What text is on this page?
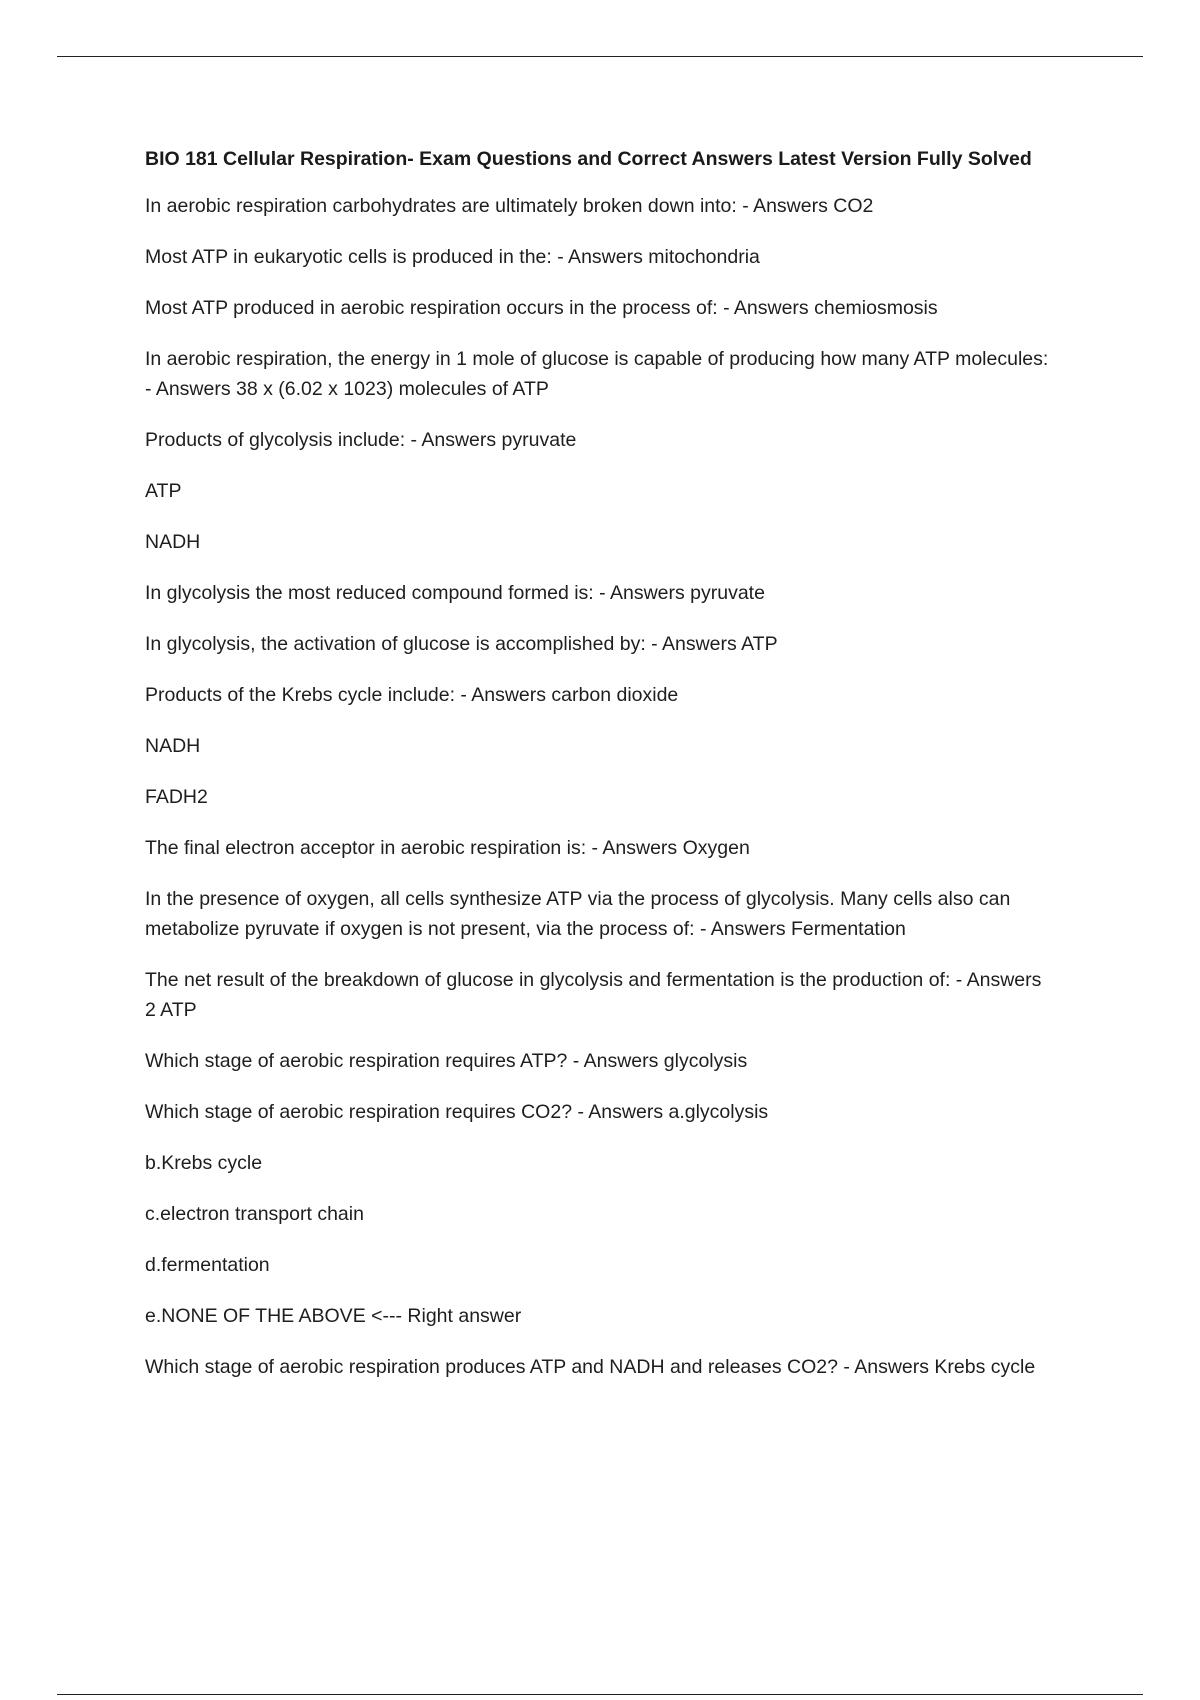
BIO 181 Cellular Respiration- Exam Questions and Correct Answers Latest Version Fully Solved

In aerobic respiration carbohydrates are ultimately broken down into: - Answers CO2

Most ATP in eukaryotic cells is produced in the: - Answers mitochondria

Most ATP produced in aerobic respiration occurs in the process of: - Answers chemiosmosis

In aerobic respiration, the energy in 1 mole of glucose is capable of producing how many ATP molecules:
- Answers 38 x (6.02 x 1023) molecules of ATP

Products of glycolysis include: - Answers pyruvate

ATP

NADH

In glycolysis the most reduced compound formed is: - Answers pyruvate

In glycolysis, the activation of glucose is accomplished by: - Answers ATP

Products of the Krebs cycle include: - Answers carbon dioxide

NADH

FADH2

The final electron acceptor in aerobic respiration is: - Answers Oxygen

In the presence of oxygen, all cells synthesize ATP via the process of glycolysis. Many cells also can
metabolize pyruvate if oxygen is not present, via the process of: - Answers Fermentation

The net result of the breakdown of glucose in glycolysis and fermentation is the production of: - Answers
2 ATP

Which stage of aerobic respiration requires ATP? - Answers glycolysis

Which stage of aerobic respiration requires CO2? - Answers a.glycolysis

b.Krebs cycle

c.electron transport chain

d.fermentation

e.NONE OF THE ABOVE <--- Right answer

Which stage of aerobic respiration produces ATP and NADH and releases CO2? - Answers Krebs cycle
